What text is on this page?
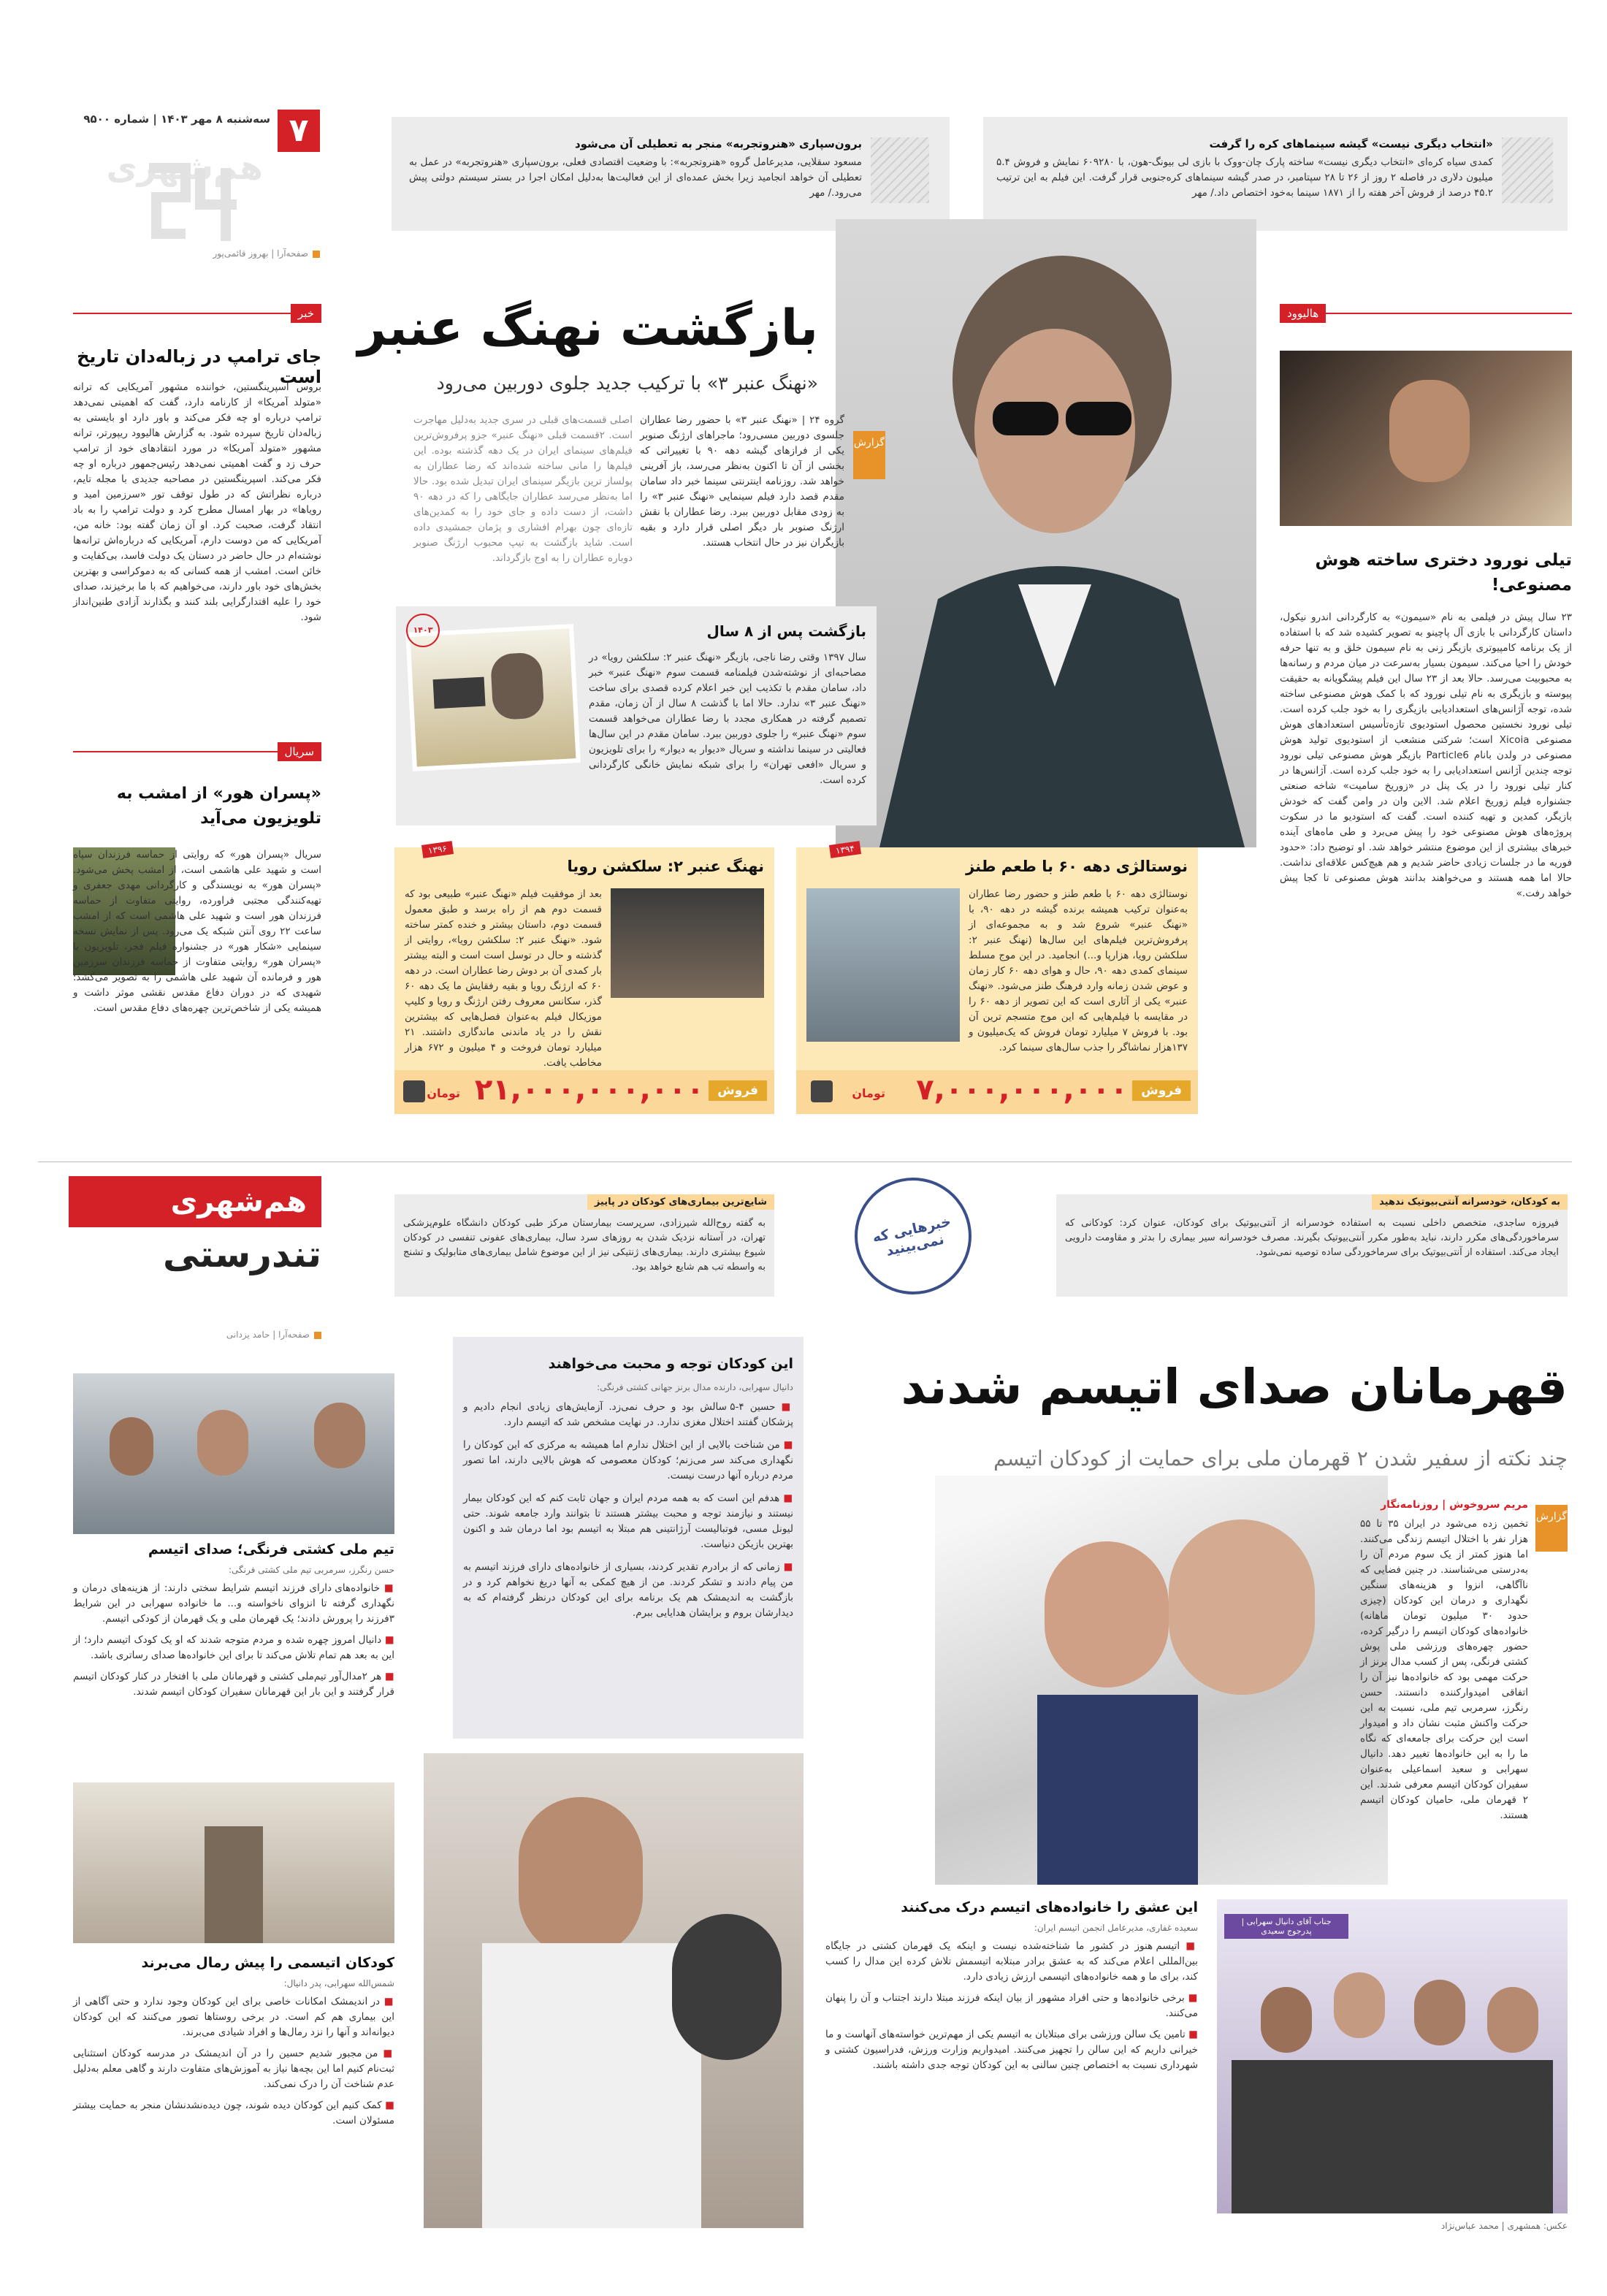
۷
سه‌شنبه ۸ مهر ۱۴۰۳ | شماره ۹۵۰۰
هم‌شهری
صفحه‌آرا | بهروز قائمی‌پور
«انتخاب دیگری نیست» گیشه سینماهای کره را گرفت
کمدی سیاه کره‌ای «انتخاب دیگری نیست» ساخته پارک چان-ووک با بازی لی بیونگ-هون، با ۶۰۹۲۸۰ نمایش و فروش ۵.۴ میلیون دلاری در فاصله ۲ روز از ۲۶ تا ۲۸ سپتامبر، در صدر گیشه سینماهای کره‌جنوبی قرار گرفت. این فیلم به این ترتیب ۴۵.۲ درصد از فروش آخر هفته را از ۱۸۷۱ سینما به‌خود اختصاص داد./ مهر
برون‌سپاری «هنروتجربه» منجر به تعطیلی آن می‌شود
مسعود سقلایی، مدیرعامل گروه «هنروتجربه»: با وضعیت اقتصادی فعلی، برون‌سپاری «هنروتجربه» در عمل به تعطیلی آن خواهد انجامید زیرا بخش عمده‌ای از این فعالیت‌ها به‌دلیل امکان اجرا در بستر سیستم دولتی پیش می‌رود./ مهر
بازگشت نهنگ عنبر
«نهنگ عنبر ۳» با ترکیب جدید جلوی دوربین می‌رود
گزارش
گروه ۲۴ | «نهنگ عنبر ۳» با حضور رضا عطاران جلسوی دوربین مسی‌رود؛ ماجراهای ارژنگ صنوبر یکی از فرازهای گیشه دهه ۹۰ با تغییراتی که بخشی از آن تا اکنون به‌نظر می‌رسد، باز آفرینی خواهد شد. روزنامه اینترنتی سینما خبر داد سامان مقدم قصد دارد فیلم سینمایی «نهنگ عنبر ۳» را به زودی مقابل دوربین ببرد. رضا عطاران با نقش ارژنگ صنوبر بار دیگر اصلی قرار دارد و بقیه بازیگران نیز در حال انتخاب هستند.
اصلی قسمت‌های قبلی در سری جدید به‌دلیل مهاجرت است. ۲قسمت قبلی «نهنگ عنبر» جزو پرفروش‌ترین فیلم‌های سینمای ایران در یک دهه گذشته بوده. این فیلم‌ها را مانی ساخته شده‌اند که رضا عطاران به پولساز ترین بازیگر سینمای ایران تبدیل شده بود. حالا اما به‌نظر می‌رسد عطاران جایگاهی را که در دهه ۹۰ داشت، از دست داده و جای خود را به کمدین‌های تازه‌ای چون بهرام افشاری و پژمان جمشیدی داده است. شاید بازگشت به تیپ محبوب ارژنگ صنوبر دوباره عطاران را به اوج بازگرداند.
بازگشت پس از ۸ سال
سال ۱۳۹۷ وقتی رضا ناجی، بازیگر «نهنگ عنبر ۲: سلکشن رویا» در مصاحبه‌ای از نوشته‌شدن فیلمنامه قسمت سوم «نهنگ عنبر» خبر داد، سامان مقدم با تکذیب این خبر اعلام کرده قصدی برای ساخت «نهنگ عنبر ۳» ندارد. حالا اما با گذشت ۸ سال از آن زمان، مقدم تصمیم گرفته در همکاری مجدد با رضا عطاران می‌خواهد قسمت سوم «نهنگ عنبر» را جلوی دوربین ببرد. سامان مقدم در این سال‌ها فعالیتی در سینما نداشته و سریال «دیوار به دیوار» را برای تلویزیون و سریال «افعی تهران» را برای شبکه نمایش خانگی کارگردانی کرده است.
۱۴۰۳
نوستالژی دهه ۶۰ با طعم طنز
۱۳۹۴
نوستالژی دهه ۶۰ با طعم طنز و حضور رضا عطاران به‌عنوان ترکیب همیشه برنده گیشه در دهه ۹۰، با «نهنگ عنبر» شروع شد و به مجموعه‌ای از پرفروش‌ترین فیلم‌های این سال‌ها (نهنگ عنبر ۲: سلکشن رویا، هزارپا و...) انجامید. در این موج مسلط سینمای کمدی دهه ۹۰، حال و هوای دهه ۶۰ کار زمان و عوض شدن زمانه وارد فرهنگ طنز می‌شود. «نهنگ عنبر» یکی از آثاری است که این تصویر از دهه ۶۰ را در مقایسه با فیلم‌هایی که این موج متسجم ترین آن بود. با فروش ۷ میلیارد تومان فروش که یک‌میلیون و ۱۳۷هزار نماشاگر را جذب سال‌های سینما کرد.
فروش
۷,۰۰۰,۰۰۰,۰۰۰
تومان
نهنگ عنبر ۲: سلکشن رویا
۱۳۹۶
بعد از موفقیت فیلم «نهنگ عنبر» طبیعی بود که قسمت دوم هم از راه برسد و طبق معمول قسمت دوم، داستان بیشتر و خنده کمتر ساخته شود. «نهنگ عنبر ۲: سلکشن رویا»، روایتی از گذشته و حال در توسل است است و البته بیشتر بار کمدی آن بر دوش رضا عطاران است. در دهه ۶۰ که ارژنگ رویا و بقیه رفقایش ما یک دهه ۶۰ گذر، سکانس معروف رفتن ارژنگ و رویا و کلیپ موزیکال فیلم به‌عنوان فصل‌هایی که بیشترین نقش را در یاد ماندنی ماندگاری داشتند. ۲۱ میلیارد تومان فروخت و ۴ میلیون و ۶۷۲ هزار مخاطب یافت.
فروش
۲۱,۰۰۰,۰۰۰,۰۰۰
تومان
هالیوود
تیلی نورود دختری ساخته هوش مصنوعی!
۲۳ سال پیش در فیلمی به نام «سیمون» به کارگردانی اندرو نیکول، داستان کارگردانی با بازی آل پاچینو به تصویر کشیده شد که با استفاده از یک برنامه کامپیوتری بازیگر زنی به نام سیمون خلق و به تنها حرفه خودش را احیا می‌کند. سیمون بسیار به‌سرعت در میان مردم و رسانه‌ها به محبوبیت می‌رسد. حالا بعد از ۲۳ سال این فیلم پیشگویانه به حقیقت پیوسته و بازیگری به نام تیلی نورود که با کمک هوش مصنوعی ساخته شده، توجه آژانس‌های استعدادیابی بازیگری را به خود جلب کرده است. تیلی نورود نخستین محصول استودیوی تازه‌تأسیس استعدادهای هوش مصنوعی Xicoia است؛ شرکتی منشعب از استودیوی تولید هوش مصنوعی در ولدن بانام Particle6 بازیگر هوش مصنوعی تیلی نورود توجه چندین آژانس استعدادیابی را به خود جلب کرده است. آژانس‌ها در کنار تیلی نورود را در یک پنل در «زوریخ سامیت» شاخه صنعتی جشنواره فیلم زوریخ اعلام شد. الاین وان در وامن گفت که خودش بازیگر، کمدین و تهیه کننده است. گفت که استودیو ما در سکوت پروژه‌های هوش مصنوعی خود را پیش می‌برد و طی ماه‌های آینده خبرهای بیشتری از این موضوع منتشر خواهد شد. او توضیح داد: «حدود فوریه ما در جلسات زیادی حاضر شدیم و هم هیچ‌کس علاقه‌ای نداشت. حالا اما همه هستند و می‌خواهند بدانند هوش مصنوعی تا کجا پیش خواهد رفت.»
خبر
جای ترامپ در زباله‌دان تاریخ است
بروس اسپرینگستین، خواننده مشهور آمریکایی که ترانه «متولد آمریکا» از کارنامه دارد، گفت که اهمیتی نمی‌دهد ترامپ درباره او چه فکر می‌کند و باور دارد او بایستی به زباله‌دان تاریخ سپرده شود. به گزارش هالیوود ریپورتر، ترانه مشهور «متولد آمریکا» در مورد انتقادهای خود از ترامپ حرف زد و گفت اهمیتی نمی‌دهد رئیس‌جمهور درباره او چه فکر می‌کند. اسپرینگستین در مصاحبه جدیدی با مجله تایم، درباره نظراتش که در طول توقف تور «سرزمین امید و رویاها» در بهار امسال مطرح کرد و دولت ترامپ را به باد انتقاد گرفت، صحبت کرد. او آن زمان گفته بود: خانه من، آمریکایی که من دوست دارم، آمریکایی که درباره‌اش ترانه‌ها نوشته‌ام در حال حاضر در دستان یک دولت فاسد، بی‌کفایت و خائن است. امشب از همه کسانی که به دموکراسی و بهترین بخش‌های خود باور دارند، می‌خواهیم که با ما برخیزند، صدای خود را علیه اقتدارگرایی بلند کنند و بگذارند آزادی طنین‌انداز شود.
سریال
«پسران هور» از امشب به تلویزیون می‌آید
سریال «پسران هور» که روایتی از حماسه فرزندان سپاه است و شهید علی هاشمی است، از امشب پخش می‌شود. «پسران هور» به نویسندگی و کارگردانی مهدی جعفری و تهیه‌کنندگی مجتبی فراورده، روایتی متفاوت از حماسه فرزندان هور است و شهید علی هاشمی است که از امشب ساعت ۲۲ روی آنتن شبکه یک می‌رود. پس از نمایش نسخه سینمایی «شکار هور» در جشنواره فیلم فجر، تلویزیون با «پسران هور» روایتی متفاوت از حماسه فرزندان سرزمین هور و فرمانده آن شهید علی هاشمی را به تصویر می‌کشد؛ شهیدی که در دوران دفاع مقدس نقشی موثر داشت و همیشه یکی از شاخص‌ترین چهره‌های دفاع مقدس است.
هم‌شهری
تندرستی
صفحه‌آرا | حامد یزدانی
به کودکان، خودسرانه آنتی‌بیوتیک ندهید
فیروزه ساجدی، متخصص داخلی نسبت به استفاده خودسرانه از آنتی‌بیوتیک برای کودکان، عنوان کرد: کودکانی که سرماخوردگی‌های مکرر دارند، نباید به‌طور مکرر آنتی‌بیوتیک بگیرند. مصرف خودسرانه سیر بیماری را بدتر و مقاومت دارویی ایجاد می‌کند. استفاده از آنتی‌بیوتیک برای سرماخوردگی ساده توصیه نمی‌شود.
خبرهایی که نمی‌بینید
شایع‌ترین بیماری‌های کودکان در پاییز
به گفته روح‌الله شیرزادی، سرپرست بیمارستان مرکز طبی کودکان دانشگاه علوم‌پزشکی تهران، در آستانه نزدیک شدن به روزهای سرد سال، بیماری‌های عفونی تنفسی در کودکان شیوع بیشتری دارند. بیماری‌های ژنتیکی نیز از این موضوع شامل بیماری‌های متابولیک و تشنج به واسطه تب هم شایع خواهد بود.
قهرمانان صدای اتیسم شدند
چند نکته از سفیر شدن ۲ قهرمان ملی برای حمایت از کودکان اتیسم
گزارش
مریم سروخوش | روزنامه‌نگار
تخمین زده می‌شود در ایران ۳۵ تا ۵۵ هزار نفر با اختلال اتیسم زندگی می‌کنند. اما هنوز کمتر از یک سوم مردم آن را به‌درستی می‌شناسند. در چنین فضایی که ناآگاهی، انزوا و هزینه‌های سنگین نگهداری و درمان این کودکان (چیزی حدود ۳۰ میلیون تومان ماهانه) خانواده‌های کودکان اتیسم را درگیر کرده، حضور چهره‌های ورزشی ملی پوش کشتی فرنگی، پس از کسب مدال برنز از حرکت مهمی بود که خانواده‌ها نیز آن را اتفاقی امیدوارکننده دانستند. حسن رنگرز، سرمربی تیم ملی، نسبت به این حرکت واکنش مثبت نشان داد و امیدوار است این حرکت برای جامعه‌ای که نگاه ما را به این خانواده‌ها تغییر دهد. دانیال سهرابی و سعید اسماعیلی به‌عنوان سفیران کودکان اتیسم معرفی شدند. این ۲ قهرمان ملی، حامیان کودکان اتیسم هستند.
این کودکان توجه و محبت می‌خواهند
دانیال سهرابی، دارنده مدال برنز جهانی کشتی فرنگی:

■ حسین ۴-۵ سالش بود و حرف نمی‌زد. آزمایش‌های زیادی انجام دادیم و پزشکان گفتند اختلال مغزی ندارد. در نهایت مشخص شد که اتیسم دارد.

■ من شناخت بالایی از این اختلال ندارم اما همیشه به مرکزی که این کودکان را نگهداری می‌کند سر می‌زنم؛ کودکان معصومی که هوش بالایی دارند، اما تصور مردم درباره آنها درست نیست.

■ هدفم این است که به همه مردم ایران و جهان ثابت کنم که این کودکان بیمار نیستند و نیازمند توجه و محبت بیشتر هستند تا بتوانند وارد جامعه شوند. حتی لیونل مسی، فوتبالیست آرژانتینی هم مبتلا به اتیسم بود اما درمان شد و اکنون بهترین بازیکن دنیاست.

■ زمانی که از برادرم تقدیر کردند، بسیاری از خانواده‌های دارای فرزند اتیسم به من پیام دادند و تشکر کردند. من از هیچ کمکی به آنها دریغ نخواهم کرد و در بازگشت به اندیمشک هم یک برنامه برای این کودکان درنظر گرفته‌ام که به دیدارشان بروم و برایشان هدایایی ببرم.

تیم ملی کشتی فرنگی؛ صدای اتیسم
حسن رنگرز، سرمربی تیم ملی کشتی فرنگی:

■ خانواده‌های دارای فرزند اتیسم شرایط سختی دارند: از هزینه‌های درمان و نگهداری گرفته تا انزوای ناخواسته و... ما خانواده سهرابی در این شرایط ۳فرزند را پرورش دادند؛ یک قهرمان ملی و یک قهرمان از کودکی اتیسم.

■ دانیال امروز چهره شده و مردم متوجه شدند که او یک کودک اتیسم دارد؛ از این به بعد هم تمام تلاش می‌کند تا برای این خانواده‌ها صدای رساتری باشد.

■ هر ۲مدال‌آور تیم‌ملی کشتی و قهرمانان ملی با افتخار در کنار کودکان اتیسم قرار گرفتند و این بار این قهرمانان سفیران کودکان اتیسم شدند.

کودکان اتیسمی را پیش رمال می‌برند
شمس‌الله سهرابی، پدر دانیال:

■ در اندیمشک امکانات خاصی برای این کودکان وجود ندارد و حتی آگاهی از این بیماری هم کم است. در برخی روستاها تصور می‌کنند که این کودکان دیوانه‌اند و آنها را نزد رمال‌ها و افراد شیادی می‌برند.

■ من مجبور شدیم حسین را در آن اندیمشک در مدرسه کودکان استثنایی ثبت‌نام کنیم اما این بچه‌ها نیاز به آموزش‌های متفاوت دارند و گاهی معلم به‌دلیل عدم شناخت آن را درک نمی‌کند.

■ کمک کنیم این کودکان دیده شوند، چون دیده‌نشدنشان منجر به حمایت بیشتر مسئولان است.

این عشق را خانواده‌های اتیسم درک می‌کنند
سعیده غفاری، مدیرعامل انجمن اتیسم ایران:

■ اتیسم هنوز در کشور ما شناخته‌شده نیست و اینکه یک قهرمان کشتی در جایگاه بین‌المللی اعلام می‌کند که به عشق برادر مبتلابه اتیسمش تلاش کرده این مدال را کسب کند، برای ما و همه خانواده‌های اتیسمی ارزش زیادی دارد.

■ برخی خانواده‌ها و حتی افراد مشهور از بیان اینکه فرزند مبتلا دارند اجتناب و آن را پنهان می‌کنند.

■ تامین یک سالن ورزشی برای مبتلایان به اتیسم یکی از مهم‌ترین خواسته‌های آنهاست و ما خیرانی داریم که این سالن را تجهیز می‌کنند. امیدواریم وزارت ورزش، فدراسیون کشتی و شهرداری نسبت به اختصاص چنین سالنی به این کودکان توجه جدی داشته باشند.

جناب آقای دانیال سهرابی | پدرجوج سعیدی
عکس: همشهری | محمد عباس‌نژاد
